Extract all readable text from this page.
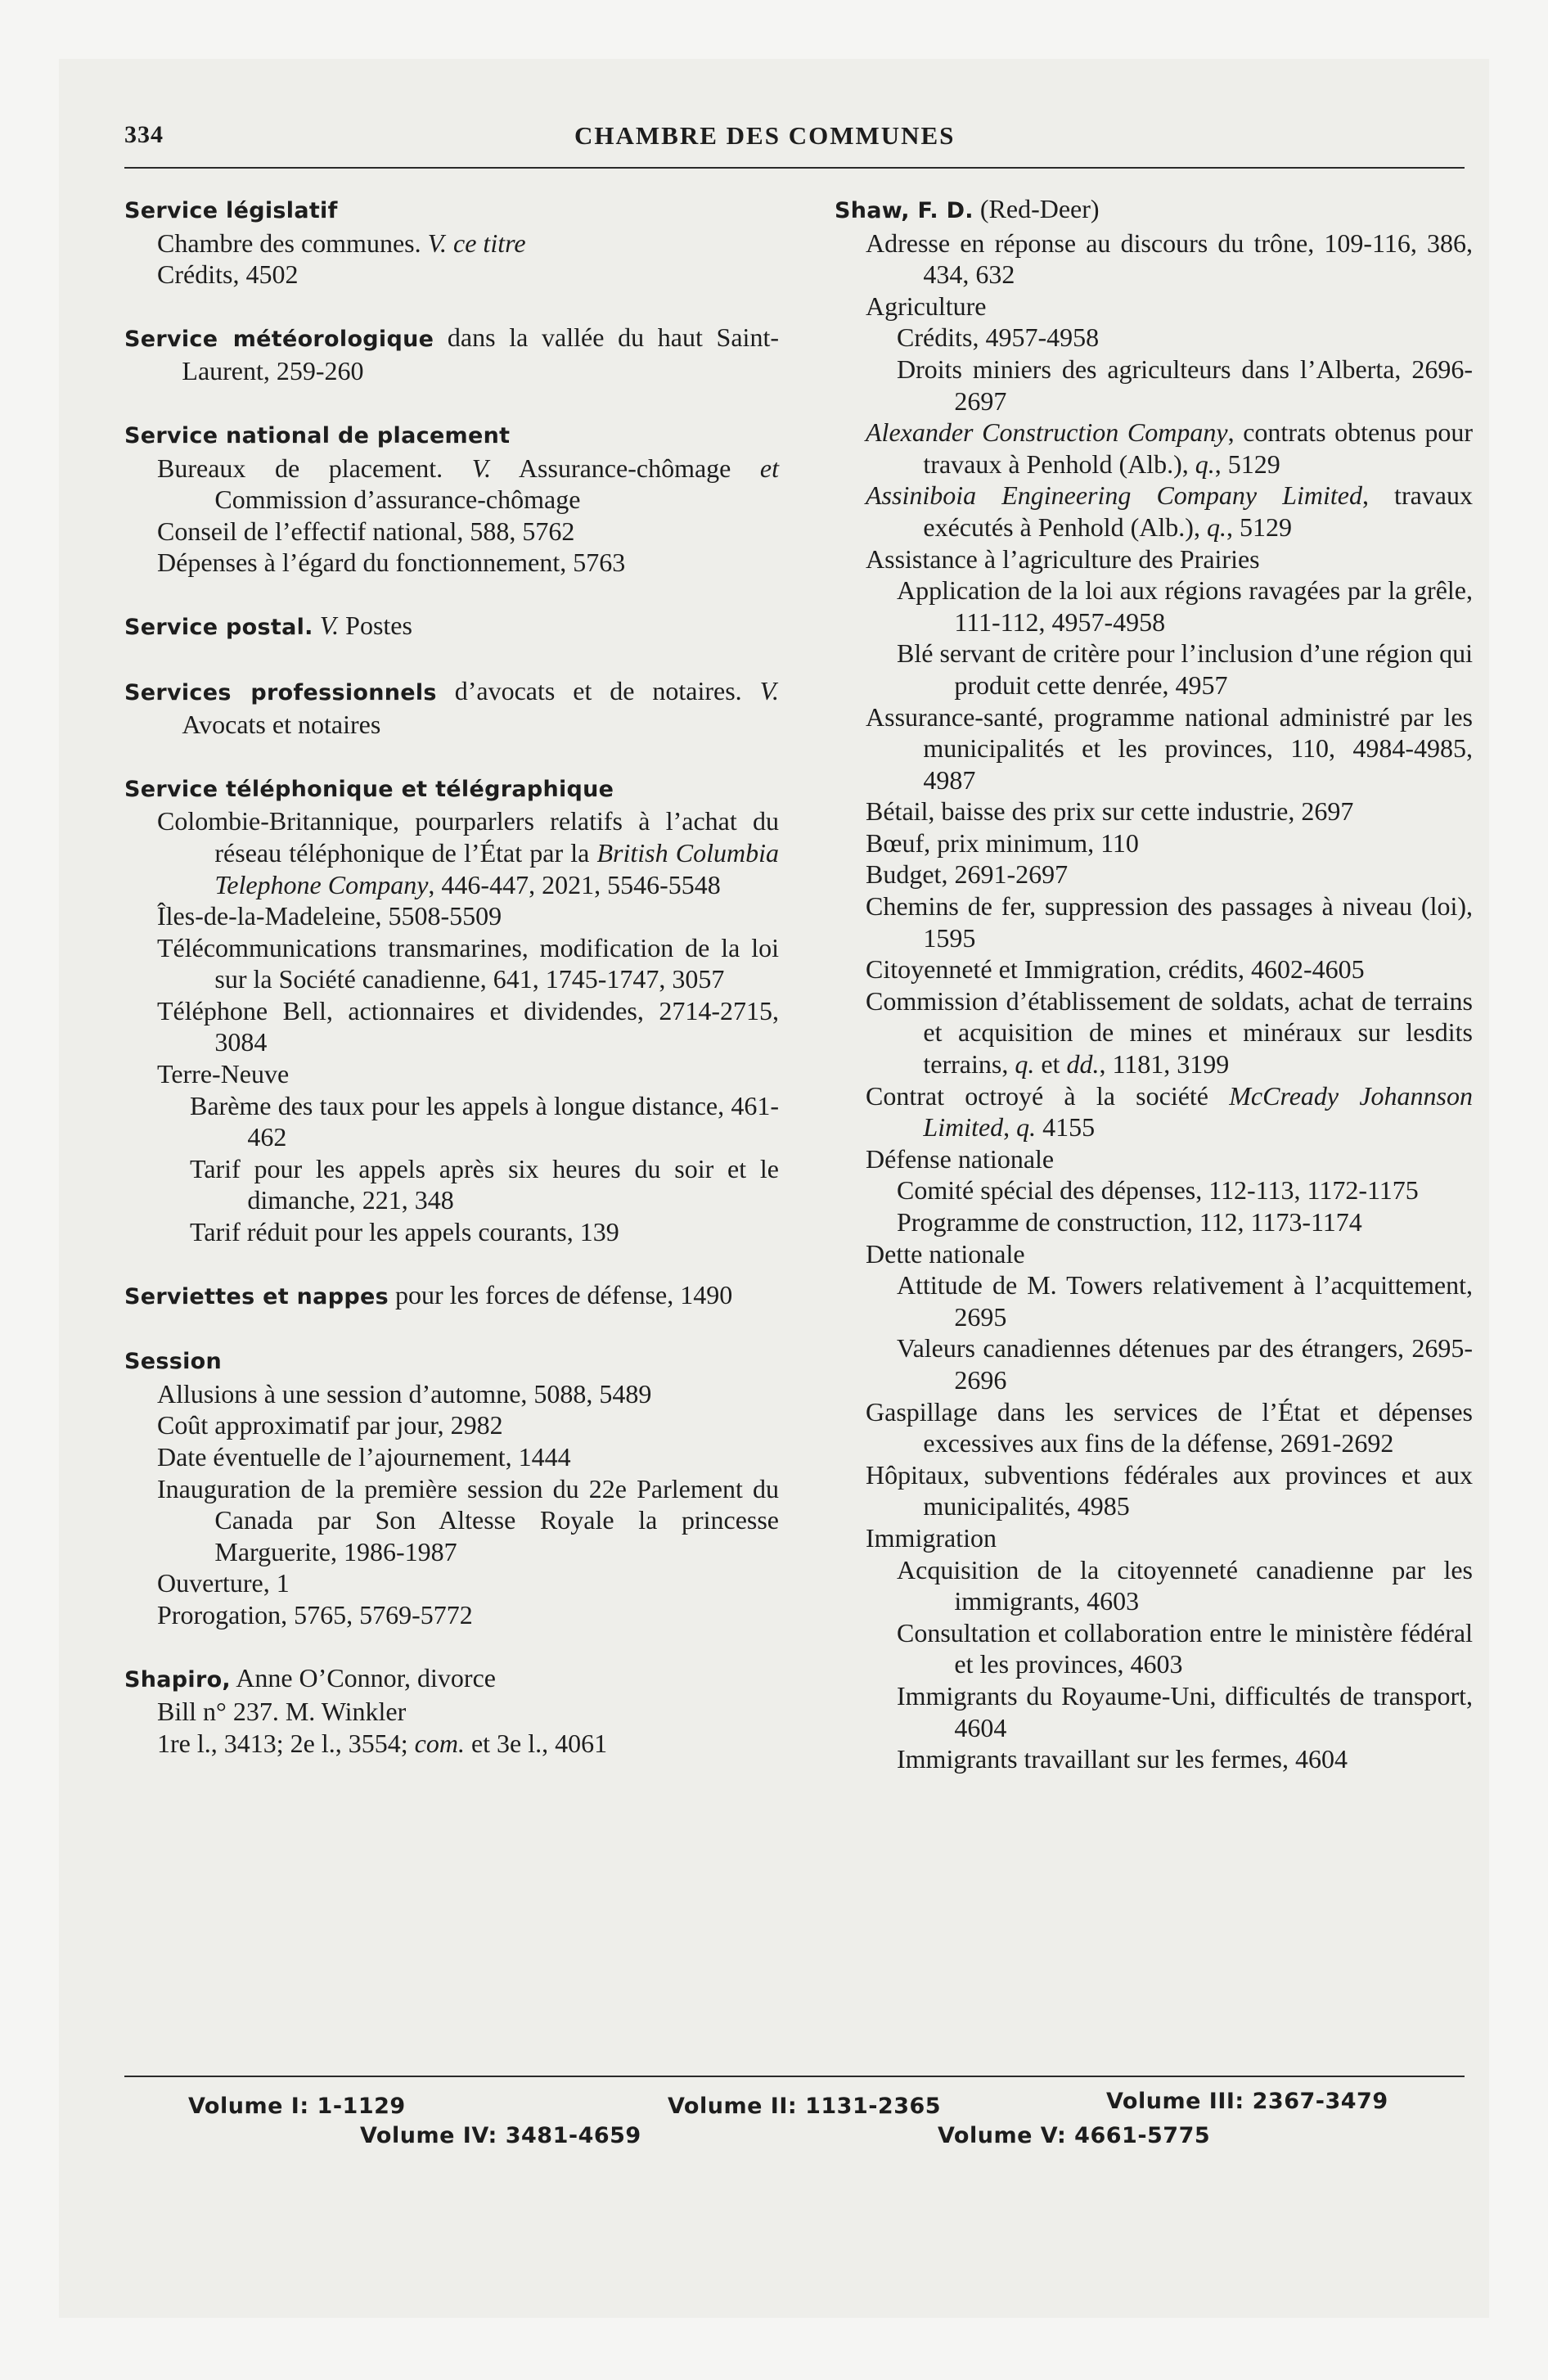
334	CHAMBRE DES COMMUNES
Service législatif
Chambre des communes. V. ce titre
Crédits, 4502
Service météorologique dans la vallée du haut Saint-Laurent, 259-260
Service national de placement
Bureaux de placement. V. Assurance-chômage et Commission d’assurance-chômage
Conseil de l’effectif national, 588, 5762
Dépenses à l’égard du fonctionnement, 5763
Service postal. V. Postes
Services professionnels d’avocats et de notaires. V. Avocats et notaires
Service téléphonique et télégraphique
Colombie-Britannique, pourparlers relatifs à l’achat du réseau téléphonique de l’État par la British Columbia Telephone Company, 446-447, 2021, 5546-5548
Îles-de-la-Madeleine, 5508-5509
Télécommunications transmarines, modification de la loi sur la Société canadienne, 641, 1745-1747, 3057
Téléphone Bell, actionnaires et dividendes, 2714-2715, 3084
Terre-Neuve
Barème des taux pour les appels à longue distance, 461-462
Tarif pour les appels après six heures du soir et le dimanche, 221, 348
Tarif réduit pour les appels courants, 139
Serviettes et nappes pour les forces de défense, 1490
Session
Allusions à une session d’automne, 5088, 5489
Coût approximatif par jour, 2982
Date éventuelle de l’ajournement, 1444
Inauguration de la première session du 22e Parlement du Canada par Son Altesse Royale la princesse Marguerite, 1986-1987
Ouverture, 1
Prorogation, 5765, 5769-5772
Shapiro, Anne O’Connor, divorce
Bill n° 237. M. Winkler
1re l., 3413; 2e l., 3554; com. et 3e l., 4061
Shaw, F. D. (Red-Deer)
Adresse en réponse au discours du trône, 109-116, 386, 434, 632
Agriculture
Crédits, 4957-4958
Droits miniers des agriculteurs dans l’Alberta, 2696-2697
Alexander Construction Company, contrats obtenus pour travaux à Penhold (Alb.), q., 5129
Assiniboia Engineering Company Limited, travaux exécutés à Penhold (Alb.), q., 5129
Assistance à l’agriculture des Prairies
Application de la loi aux régions ravagées par la grêle, 111-112, 4957-4958
Blé servant de critère pour l’inclusion d’une région qui produit cette denrée, 4957
Assurance-santé, programme national administré par les municipalités et les provinces, 110, 4984-4985, 4987
Bétail, baisse des prix sur cette industrie, 2697
Bœuf, prix minimum, 110
Budget, 2691-2697
Chemins de fer, suppression des passages à niveau (loi), 1595
Citoyenneté et Immigration, crédits, 4602-4605
Commission d’établissement de soldats, achat de terrains et acquisition de mines et minéraux sur lesdits terrains, q. et dd., 1181, 3199
Contrat octroyé à la société McCready Johannson Limited, q. 4155
Défense nationale
Comité spécial des dépenses, 112-113, 1172-1175
Programme de construction, 112, 1173-1174
Dette nationale
Attitude de M. Towers relativement à l’acquittement, 2695
Valeurs canadiennes détenues par des étrangers, 2695-2696
Gaspillage dans les services de l’État et dépenses excessives aux fins de la défense, 2691-2692
Hôpitaux, subventions fédérales aux provinces et aux municipalités, 4985
Immigration
Acquisition de la citoyenneté canadienne par les immigrants, 4603
Consultation et collaboration entre le ministère fédéral et les provinces, 4603
Immigrants du Royaume-Uni, difficultés de transport, 4604
Immigrants travaillant sur les fermes, 4604
Volume I: 1-1129	Volume II: 1131-2365	Volume III: 2367-3479
Volume IV: 3481-4659	Volume V: 4661-5775
